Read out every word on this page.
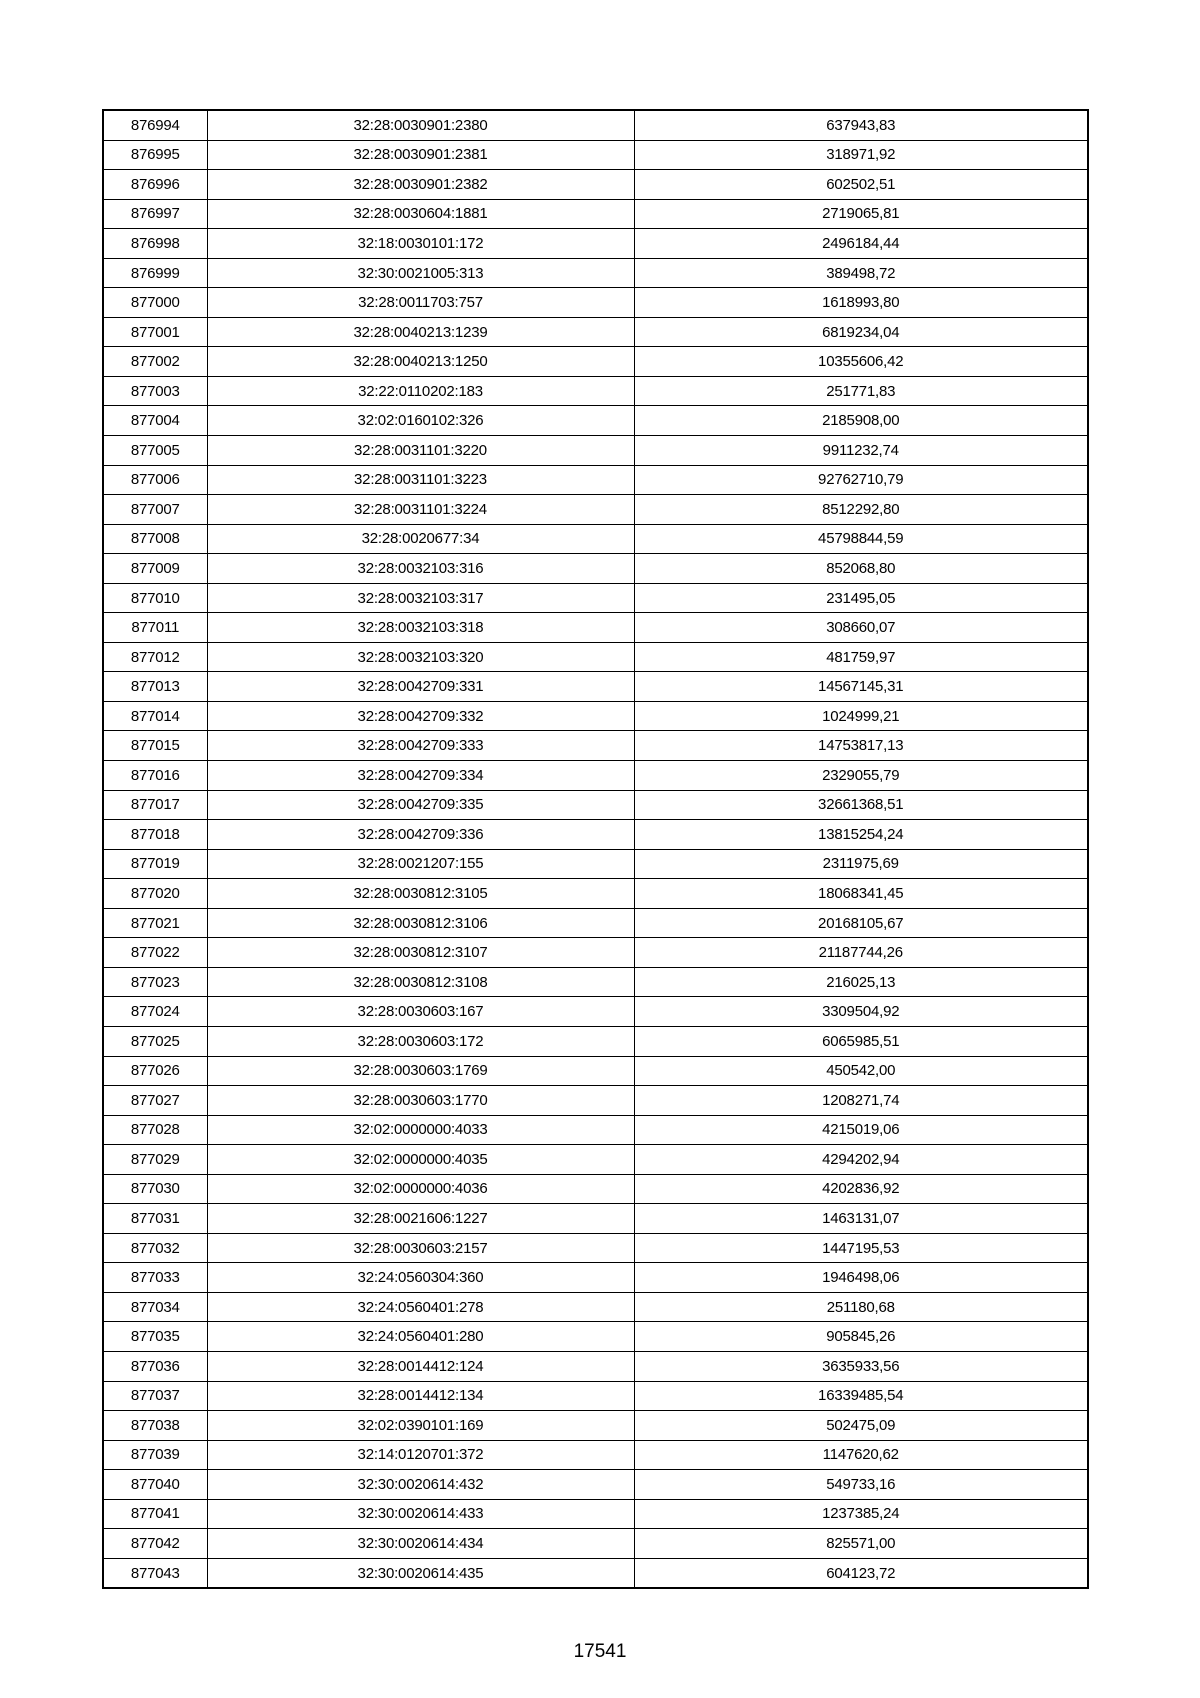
876994	32:28:0030901:2380	637943,83
876995	32:28:0030901:2381	318971,92
876996	32:28:0030901:2382	602502,51
876997	32:28:0030604:1881	2719065,81
876998	32:18:0030101:172	2496184,44
876999	32:30:0021005:313	389498,72
877000	32:28:0011703:757	1618993,80
877001	32:28:0040213:1239	6819234,04
877002	32:28:0040213:1250	10355606,42
877003	32:22:0110202:183	251771,83
877004	32:02:0160102:326	2185908,00
877005	32:28:0031101:3220	9911232,74
877006	32:28:0031101:3223	92762710,79
877007	32:28:0031101:3224	8512292,80
877008	32:28:0020677:34	45798844,59
877009	32:28:0032103:316	852068,80
877010	32:28:0032103:317	231495,05
877011	32:28:0032103:318	308660,07
877012	32:28:0032103:320	481759,97
877013	32:28:0042709:331	14567145,31
877014	32:28:0042709:332	1024999,21
877015	32:28:0042709:333	14753817,13
877016	32:28:0042709:334	2329055,79
877017	32:28:0042709:335	32661368,51
877018	32:28:0042709:336	13815254,24
877019	32:28:0021207:155	2311975,69
877020	32:28:0030812:3105	18068341,45
877021	32:28:0030812:3106	20168105,67
877022	32:28:0030812:3107	21187744,26
877023	32:28:0030812:3108	216025,13
877024	32:28:0030603:167	3309504,92
877025	32:28:0030603:172	6065985,51
877026	32:28:0030603:1769	450542,00
877027	32:28:0030603:1770	1208271,74
877028	32:02:0000000:4033	4215019,06
877029	32:02:0000000:4035	4294202,94
877030	32:02:0000000:4036	4202836,92
877031	32:28:0021606:1227	1463131,07
877032	32:28:0030603:2157	1447195,53
877033	32:24:0560304:360	1946498,06
877034	32:24:0560401:278	251180,68
877035	32:24:0560401:280	905845,26
877036	32:28:0014412:124	3635933,56
877037	32:28:0014412:134	16339485,54
877038	32:02:0390101:169	502475,09
877039	32:14:0120701:372	1147620,62
877040	32:30:0020614:432	549733,16
877041	32:30:0020614:433	1237385,24
877042	32:30:0020614:434	825571,00
877043	32:30:0020614:435	604123,72
17541
